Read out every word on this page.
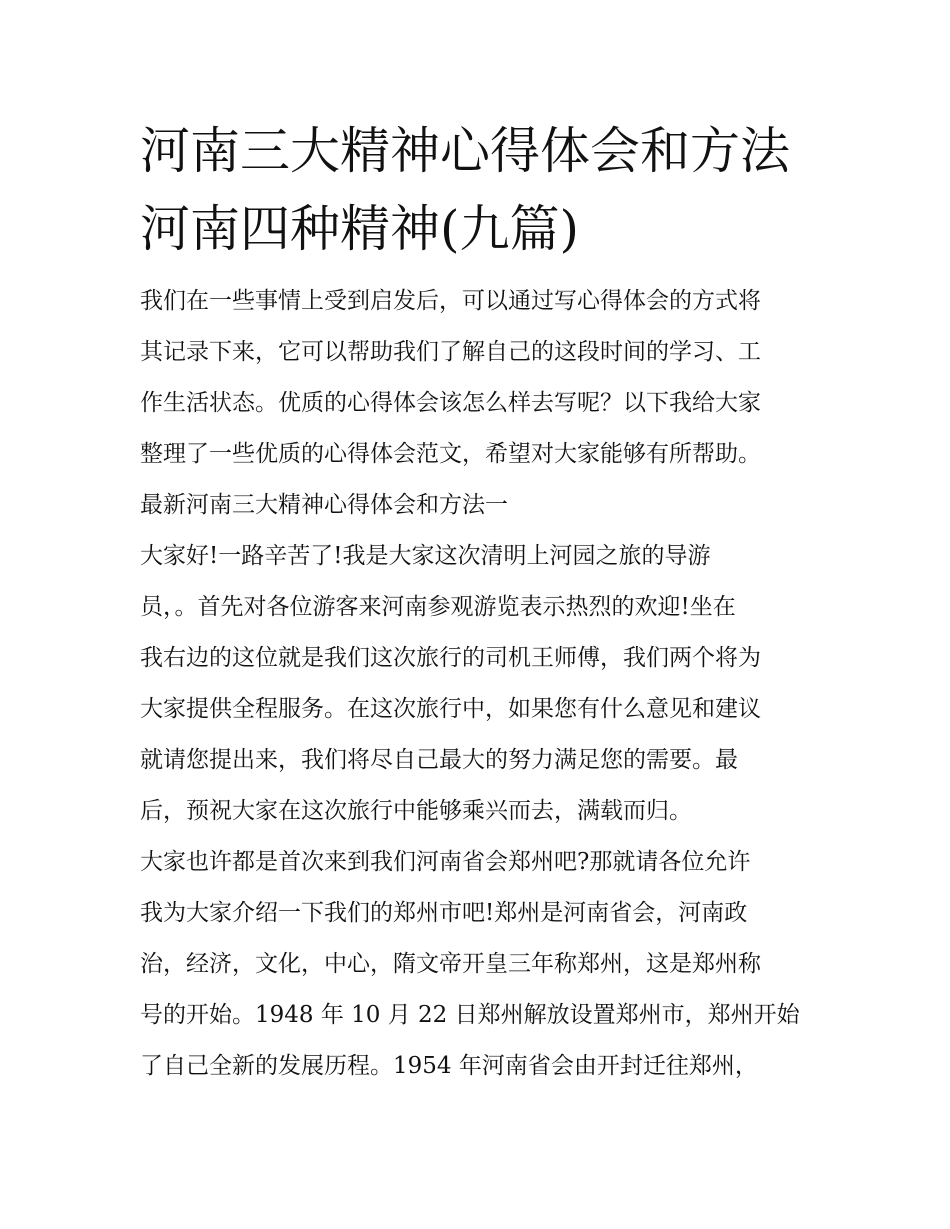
河南三大精神心得体会和方法
河南四种精神(九篇)
我们在一些事情上受到启发后，可以通过写心得体会的方式将
其记录下来，它可以帮助我们了解自己的这段时间的学习、工
作生活状态。优质的心得体会该怎么样去写呢？以下我给大家
整理了一些优质的心得体会范文，希望对大家能够有所帮助。
最新河南三大精神心得体会和方法一
大家好!一路辛苦了!我是大家这次清明上河园之旅的导游
员，。首先对各位游客来河南参观游览表示热烈的欢迎!坐在
我右边的这位就是我们这次旅行的司机王师傅，我们两个将为
大家提供全程服务。在这次旅行中，如果您有什么意见和建议
就请您提出来，我们将尽自己最大的努力满足您的需要。最
后，预祝大家在这次旅行中能够乘兴而去，满载而归。
大家也许都是首次来到我们河南省会郑州吧?那就请各位允许
我为大家介绍一下我们的郑州市吧!郑州是河南省会，河南政
治，经济，文化，中心，隋文帝开皇三年称郑州，这是郑州称
号的开始。1948 年 10 月 22 日郑州解放设置郑州市，郑州开始
了自己全新的发展历程。1954 年河南省会由开封迁往郑州，
